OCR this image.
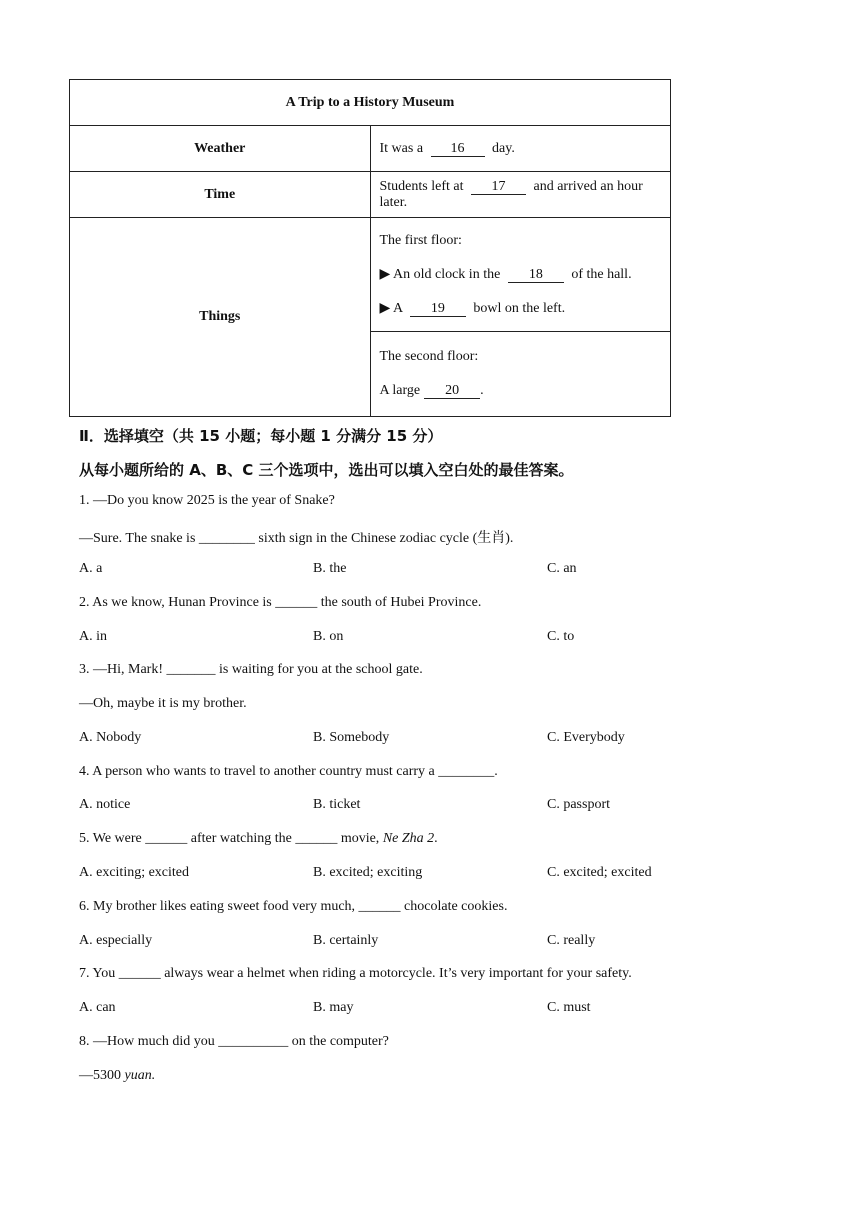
A Trip to a History Museum	
Weather	It was a 16 day.
Time	Students left at 17 and arrived an hour later.
Things	The first floor:
▶ An old clock in the 18 of the hall.
▶ A 19 bowl on the left.
The second floor:
A large 20 .
Ⅱ．选择填空（共 15 小题；每小题 1 分满分 15 分）
从每小题所给的 A、B、C 三个选项中，选出可以填入空白处的最佳答案。
1. —Do you know 2025 is the year of Snake?
—Sure. The snake is ________ sixth sign in the Chinese zodiac cycle (生肖).
A. a	B. the	C. an
2. As we know, Hunan Province is ______ the south of Hubei Province.
A. in	B. on	C. to
3. —Hi, Mark! _______ is waiting for you at the school gate.
—Oh, maybe it is my brother.
A. Nobody	B. Somebody	C. Everybody
4. A person who wants to travel to another country must carry a ________.
A. notice	B. ticket	C. passport
5. We were ______ after watching the ______ movie, Ne Zha 2.
A. exciting; excited	B. excited; exciting	C. excited; excited
6. My brother likes eating sweet food very much, ______ chocolate cookies.
A. especially	B. certainly	C. really
7. You ______ always wear a helmet when riding a motorcycle. It’s very important for your safety.
A. can	B. may	C. must
8. —How much did you __________ on the computer?
—5300 yuan.
